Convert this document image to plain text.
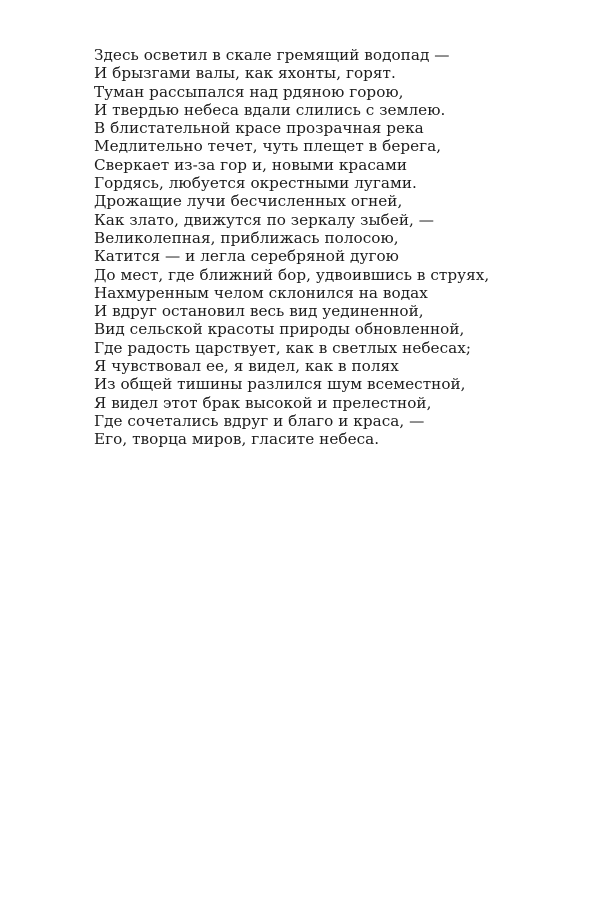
Здесь осветил в скале гремящий водопад —
И брызгами валы, как яхонты, горят.
Туман рассыпался над рдяною горою,
И твердью небеса вдали слились с землею.
В блистательной красе прозрачная река
Медлительно течет, чуть плещет в берега,
Сверкает из-за гор и, новыми красами
Гордясь, любуется окрестными лугами.
Дрожащие лучи бесчисленных огней,
Как злато, движутся по зеркалу зыбей, —
Великолепная, приближась полосою,
Катится — и легла серебряной дугою
До мест, где ближний бор, удвоившись в струях,
Нахмуренным челом склонился на водах
И вдруг остановил весь вид уединенной,
Вид сельской красоты природы обновленной,
Где радость царствует, как в светлых небесах;
Я чувствовал ее, я видел, как в полях
Из общей тишины разлился шум всеместной,
Я видел этот брак высокой и прелестной,
Где сочетались вдруг и благо и краса, —
Его, творца миров, гласите небеса.
